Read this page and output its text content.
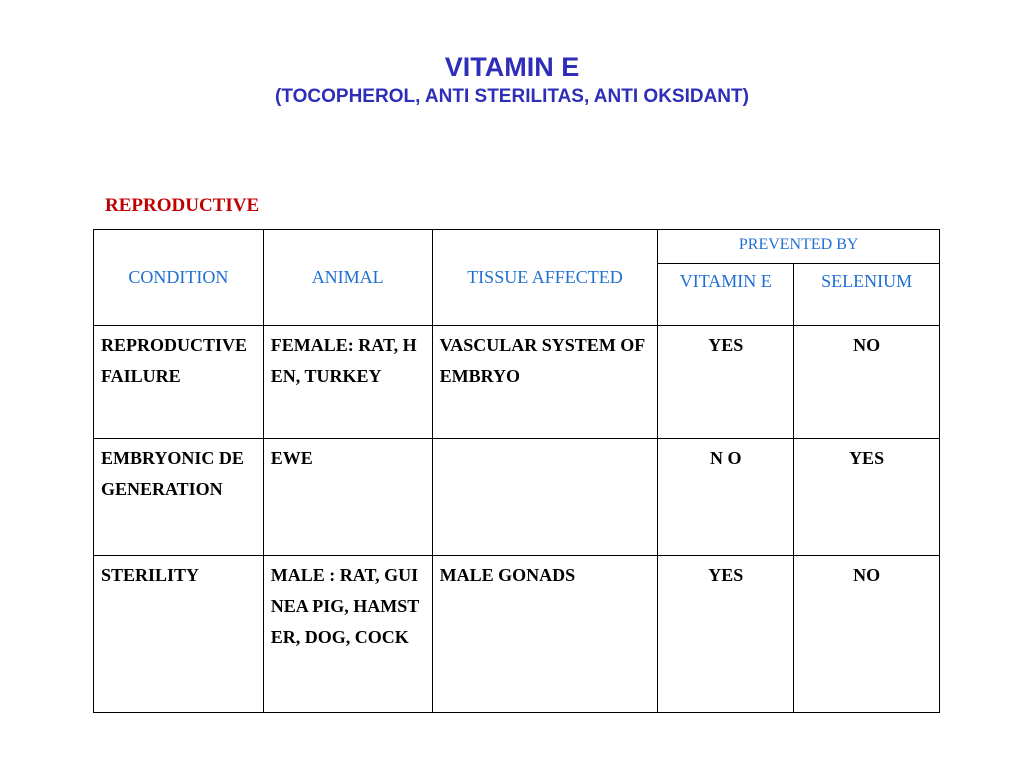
VITAMIN E
(TOCOPHEROL, ANTI STERILITAS, ANTI OKSIDANT)
REPRODUCTIVE
CONDITION	ANIMAL	TISSUE AFFECTED	PREVENTED BY	
			VITAMIN E	SELENIUM
REPRODUCTIVE FAILURE	FEMALE: RAT, HEN, TURKEY	VASCULAR SYSTEM OF EMBRYO	YES	NO
EMBRYONIC DEGENERATION	EWE		N O	YES
STERILITY	MALE : RAT, GUINEA PIG, HAMSTER, DOG, COCK	MALE GONADS	YES	NO
